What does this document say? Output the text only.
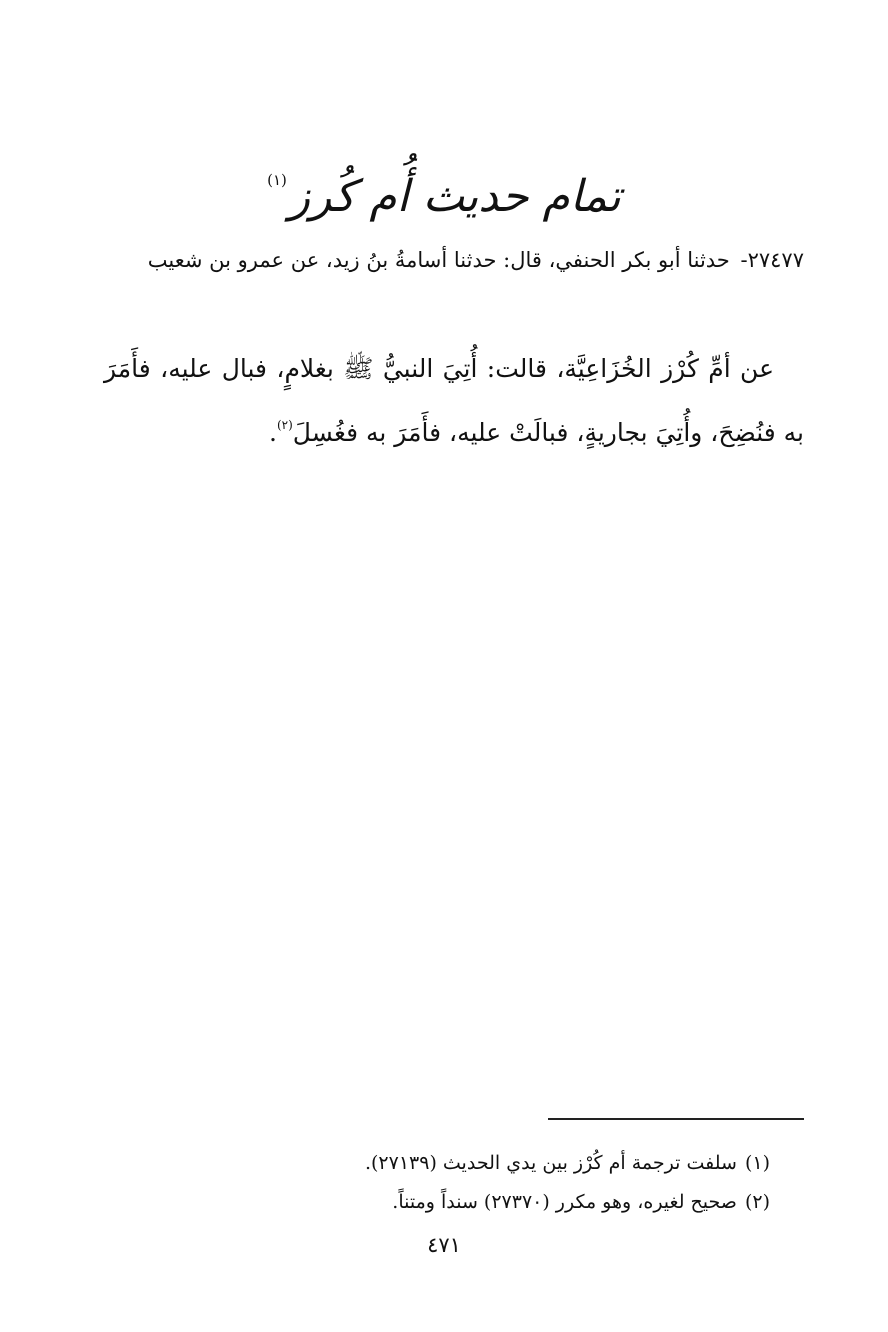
تمام حديث أُم كُرز$^{(١)}$
٢٧٤٧٧- حدثنا أبو بكر الحنفي، قال: حدثنا أسامةُ بنُ زيد، عن عمرو بن شعيب
عن أمِّ كُرْز الخُزَاعِيَّة، قالت: أُتِيَ النبيُّ ﷺ بغلامٍ، فبال عليه، فأَمَرَ به فنُضِحَ، وأُتِيَ بجاريةٍ، فبالَتْ عليه، فأَمَرَ به فغُسِلَ$^{(٢)}$.
(١)سلفت ترجمة أم كُرْز بين يدي الحديث (٢٧١٣٩).
(٢)صحيح لغيره، وهو مكرر (٢٧٣٧٠) سنداً ومتناً.
٤٧١
